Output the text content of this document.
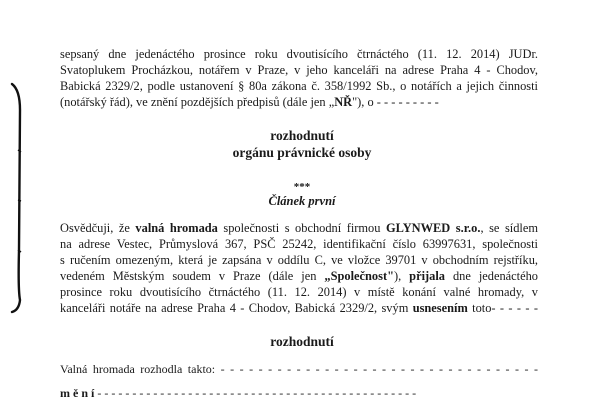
sepsaný dne jedenáctého prosince roku dvoutisícího čtrnáctého (11. 12. 2014) JUDr.
Svatoplukem Procházkou, notářem v Praze, v jeho kanceláři na adrese Praha 4 - Chodov,
Babická 2329/2, podle ustanovení § 80a zákona č. 358/1992 Sb., o notářích a jejich činnosti
(notářský řád), ve znění pozdějších předpisů (dále jen „NŘ"), o - - - - - - - - -
rozhodnutí
orgánu právnické osoby
***
Článek první
Osvědčuji, že valná hromada společnosti s obchodní firmou GLYNWED s.r.o., se sídlem
na adrese Vestec, Průmyslová 367, PSČ 25242, identifikační číslo 63997631, společnosti
s ručením omezeným, která je zapsána v oddílu C, ve vložce 39701 v obchodním rejstříku,
vedeném Městským soudem v Praze (dále jen „Společnost"), přijala dne jedenáctého
prosince roku dvoutisícího čtrnáctého (11. 12. 2014) v místě konání valné hromady, v
kanceláři notáře na adrese Praha 4 - Chodov, Babická 2329/2, svým usnesením toto- - - - - -
rozhodnutí
Valná hromada rozhodla takto: - - - - - - - - - - - - - - - - - - - - - - - - - - - - - - - - - -
m ě n í - - - - - - - - - - - - - - - - - - - - - - - - - - - - - - - - - - - - - - - - - - - - - -
